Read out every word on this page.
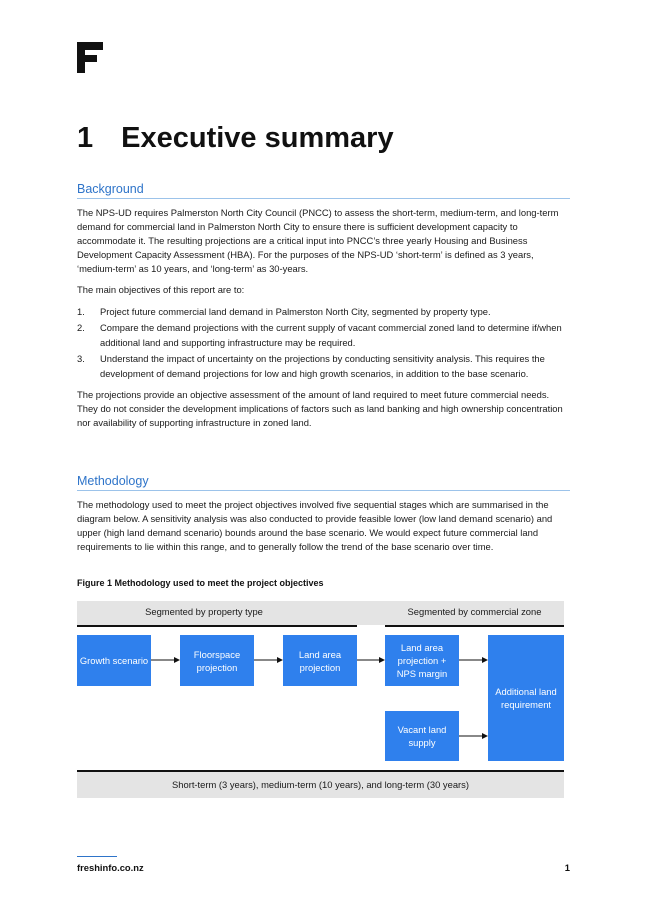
1 Executive summary
Background

The NPS-UD requires Palmerston North City Council (PNCC) to assess the short-term, medium-term, and long-term demand for commercial land in Palmerston North City to ensure there is sufficient development capacity to accommodate it. The resulting projections are a critical input into PNCC’s three yearly Housing and Business Development Capacity Assessment (HBA). For the purposes of the NPS-UD ‘short-term’ is defined as 3 years, ‘medium-term’ as 10 years, and ‘long-term’ as 30-years.

The main objectives of this report are to:

1. Project future commercial land demand in Palmerston North City, segmented by property type.
2. Compare the demand projections with the current supply of vacant commercial zoned land to determine if/when additional land and supporting infrastructure may be required.
3. Understand the impact of uncertainty on the projections by conducting sensitivity analysis. This requires the development of demand projections for low and high growth scenarios, in addition to the base scenario.

The projections provide an objective assessment of the amount of land required to meet future commercial needs. They do not consider the development implications of factors such as land banking and high ownership concentration nor availability of supporting infrastructure in zoned land.

Methodology

The methodology used to meet the project objectives involved five sequential stages which are summarised in the diagram below. A sensitivity analysis was also conducted to provide feasible lower (low land demand scenario) and upper (high land demand scenario) bounds around the base scenario. We would expect future commercial land requirements to lie within this range, and to generally follow the trend of the base scenario over time.

Figure 1 Methodology used to meet the project objectives
Segmented by property type	Segmented by commercial zone
Growth scenario
Floorspace projection
Land area projection
Land area projection + NPS margin
Vacant land supply
Additional land requirement
Short-term (3 years), medium-term (10 years), and long-term (30 years)
freshinfo.co.nz	1
